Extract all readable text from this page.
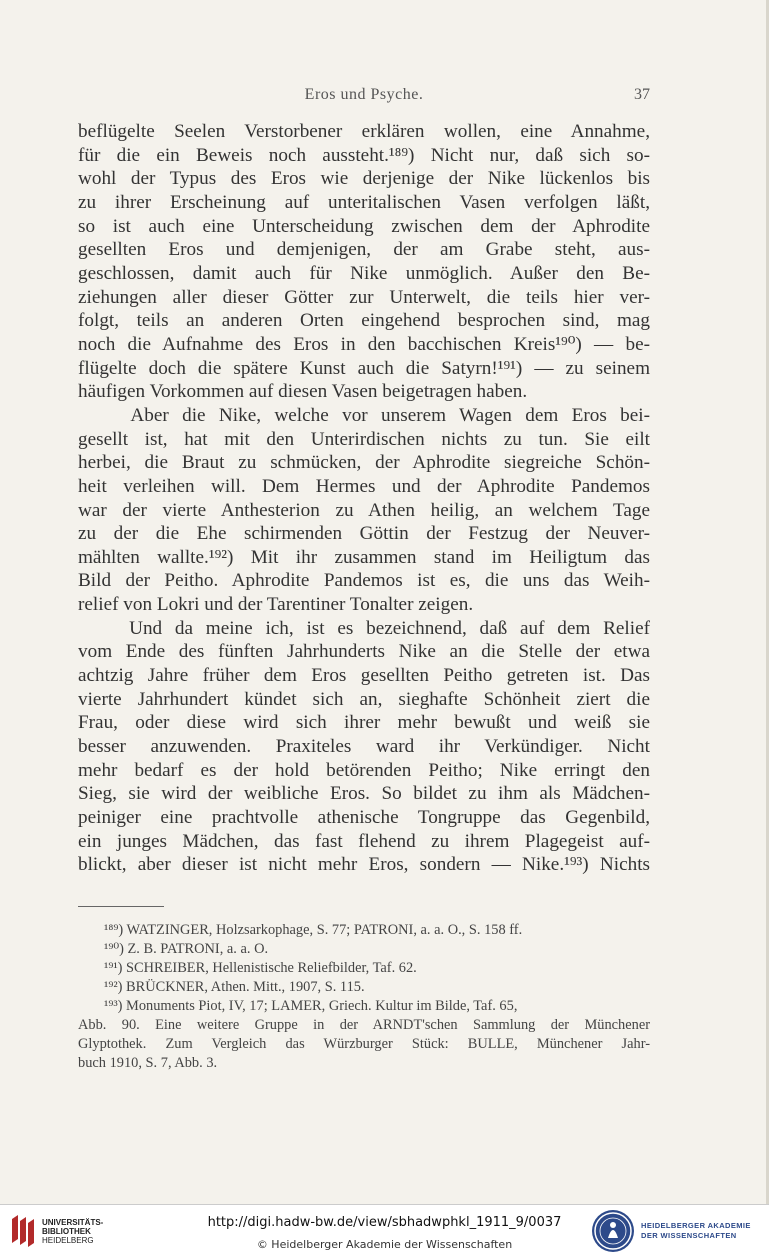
Eros und Psyche.	37
beflügelte Seelen Verstorbener erklären wollen, eine Annahme,
für die ein Beweis noch aussteht.¹⁸⁹) Nicht nur, daß sich so-
wohl der Typus des Eros wie derjenige der Nike lückenlos bis
zu ihrer Erscheinung auf unteritalischen Vasen verfolgen läßt,
so ist auch eine Unterscheidung zwischen dem der Aphrodite
gesellten Eros und demjenigen, der am Grabe steht, aus-
geschlossen, damit auch für Nike unmöglich. Außer den Be-
ziehungen aller dieser Götter zur Unterwelt, die teils hier ver-
folgt, teils an anderen Orten eingehend besprochen sind, mag
noch die Aufnahme des Eros in den bacchischen Kreis¹⁹⁰) — be-
flügelte doch die spätere Kunst auch die Satyrn!¹⁹¹) — zu seinem
häufigen Vorkommen auf diesen Vasen beigetragen haben.
Aber die Nike, welche vor unserem Wagen dem Eros bei-
gesellt ist, hat mit den Unterirdischen nichts zu tun. Sie eilt
herbei, die Braut zu schmücken, der Aphrodite siegreiche Schön-
heit verleihen will. Dem Hermes und der Aphrodite Pandemos
war der vierte Anthesterion zu Athen heilig, an welchem Tage
zu der die Ehe schirmenden Göttin der Festzug der Neuver-
mählten wallte.¹⁹²) Mit ihr zusammen stand im Heiligtum das
Bild der Peitho. Aphrodite Pandemos ist es, die uns das Weih-
relief von Lokri und der Tarentiner Tonalter zeigen.
Und da meine ich, ist es bezeichnend, daß auf dem Relief
vom Ende des fünften Jahrhunderts Nike an die Stelle der etwa
achtzig Jahre früher dem Eros gesellten Peitho getreten ist. Das
vierte Jahrhundert kündet sich an, sieghafte Schönheit ziert die
Frau, oder diese wird sich ihrer mehr bewußt und weiß sie
besser anzuwenden. Praxiteles ward ihr Verkündiger. Nicht
mehr bedarf es der hold betörenden Peitho; Nike erringt den
Sieg, sie wird der weibliche Eros. So bildet zu ihm als Mädchen-
peiniger eine prachtvolle athenische Tongruppe das Gegenbild,
ein junges Mädchen, das fast flehend zu ihrem Plagegeist auf-
blickt, aber dieser ist nicht mehr Eros, sondern — Nike.¹⁹³) Nichts
¹⁸⁹) WATZINGER, Holzsarkophage, S. 77; PATRONI, a. a. O., S. 158 ff.
¹⁹⁰) Z. B. PATRONI, a. a. O.
¹⁹¹) SCHREIBER, Hellenistische Reliefbilder, Taf. 62.
¹⁹²) BRÜCKNER, Athen. Mitt., 1907, S. 115.
¹⁹³) Monuments Piot, IV, 17; LAMER, Griech. Kultur im Bilde, Taf. 65,
Abb. 90. Eine weitere Gruppe in der ARNDT'schen Sammlung der Münchener
Glyptothek. Zum Vergleich das Würzburger Stück: BULLE, Münchener Jahr-
buch 1910, S. 7, Abb. 3.
UNIVERSITÄTS-
BIBLIOTHEK
HEIDELBERG
http://digi.hadw-bw.de/view/sbhadwphkl_1911_9/0037
© Heidelberger Akademie der Wissenschaften
HEIDELBERGER AKADEMIE
DER WISSENSCHAFTEN
